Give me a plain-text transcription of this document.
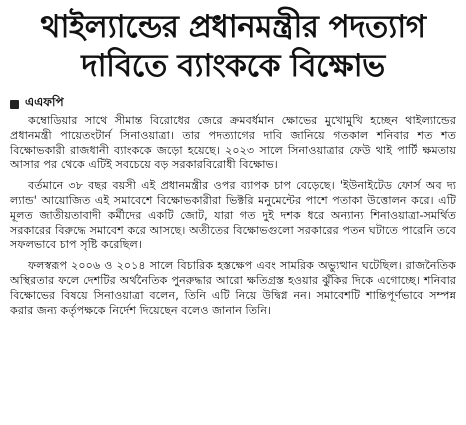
থাইল্যান্ডের প্রধানমন্ত্রীর পদত্যাগ
দাবিতে ব্যাংককে বিক্ষোভ
এএফপি

কম্বোডিয়ার সাথে সীমান্ত বিরোধের জেরে ক্রমবর্ধমান ক্ষোভের মুখোমুখি হচ্ছেন থাইল্যান্ডের প্রধানমন্ত্রী পায়েতংটার্ন সিনাওয়াত্রা। তার পদত্যাগের দাবি জানিয়ে গতকাল শনিবার শত শত বিক্ষোভকারী রাজধানী ব্যাংককে জড়ো হয়েছে। ২০২৩ সালে সিনাওয়াত্রার ফেউ থাই পার্টি ক্ষমতায় আসার পর থেকে এটিই সবচেয়ে বড় সরকারবিরোধী বিক্ষোভ।

বর্তমানে ৩৮ বছর বয়সী এই প্রধানমন্ত্রীর ওপর ব্যাপক চাপ বেড়েছে। 'ইউনাইটেড ফোর্স অব দ্য ল্যান্ড' আয়োজিত এই সমাবেশে বিক্ষোভকারীরা ভিক্টরি মনুমেন্টের পাশে পতাকা উত্তোলন করে। এটি মূলত জাতীয়তাবাদী কর্মীদের একটি জোট, যারা গত দুই দশক ধরে অন্যান্য শিনাওয়াত্রা-সমর্থিত সরকারের বিরুদ্ধে সমাবেশ করে আসছে। অতীতের বিক্ষোভগুলো সরকারের পতন ঘটাতে পারেনি তবে সফলভাবে চাপ সৃষ্টি করেছিল।

ফলস্বরূপ ২০০৬ ও ২০১৪ সালে বিচারিক হস্তক্ষেপ এবং সামরিক অভ্যুত্থান ঘটেছিল। রাজনৈতিক অস্থিরতার ফলে দেশটির অর্থনৈতিক পুনরুদ্ধার আরো ক্ষতিগ্রস্ত হওয়ার ঝুঁকির দিকে এগোচ্ছে। শনিবার বিক্ষোভের বিষয়ে সিনাওয়াত্রা বলেন, তিনি এটি নিয়ে উদ্বিগ্ন নন। সমাবেশটি শান্তিপূর্ণভাবে সম্পন্ন করার জন্য কর্তৃপক্ষকে নির্দেশ দিয়েছেন বলেও জানান তিনি।
